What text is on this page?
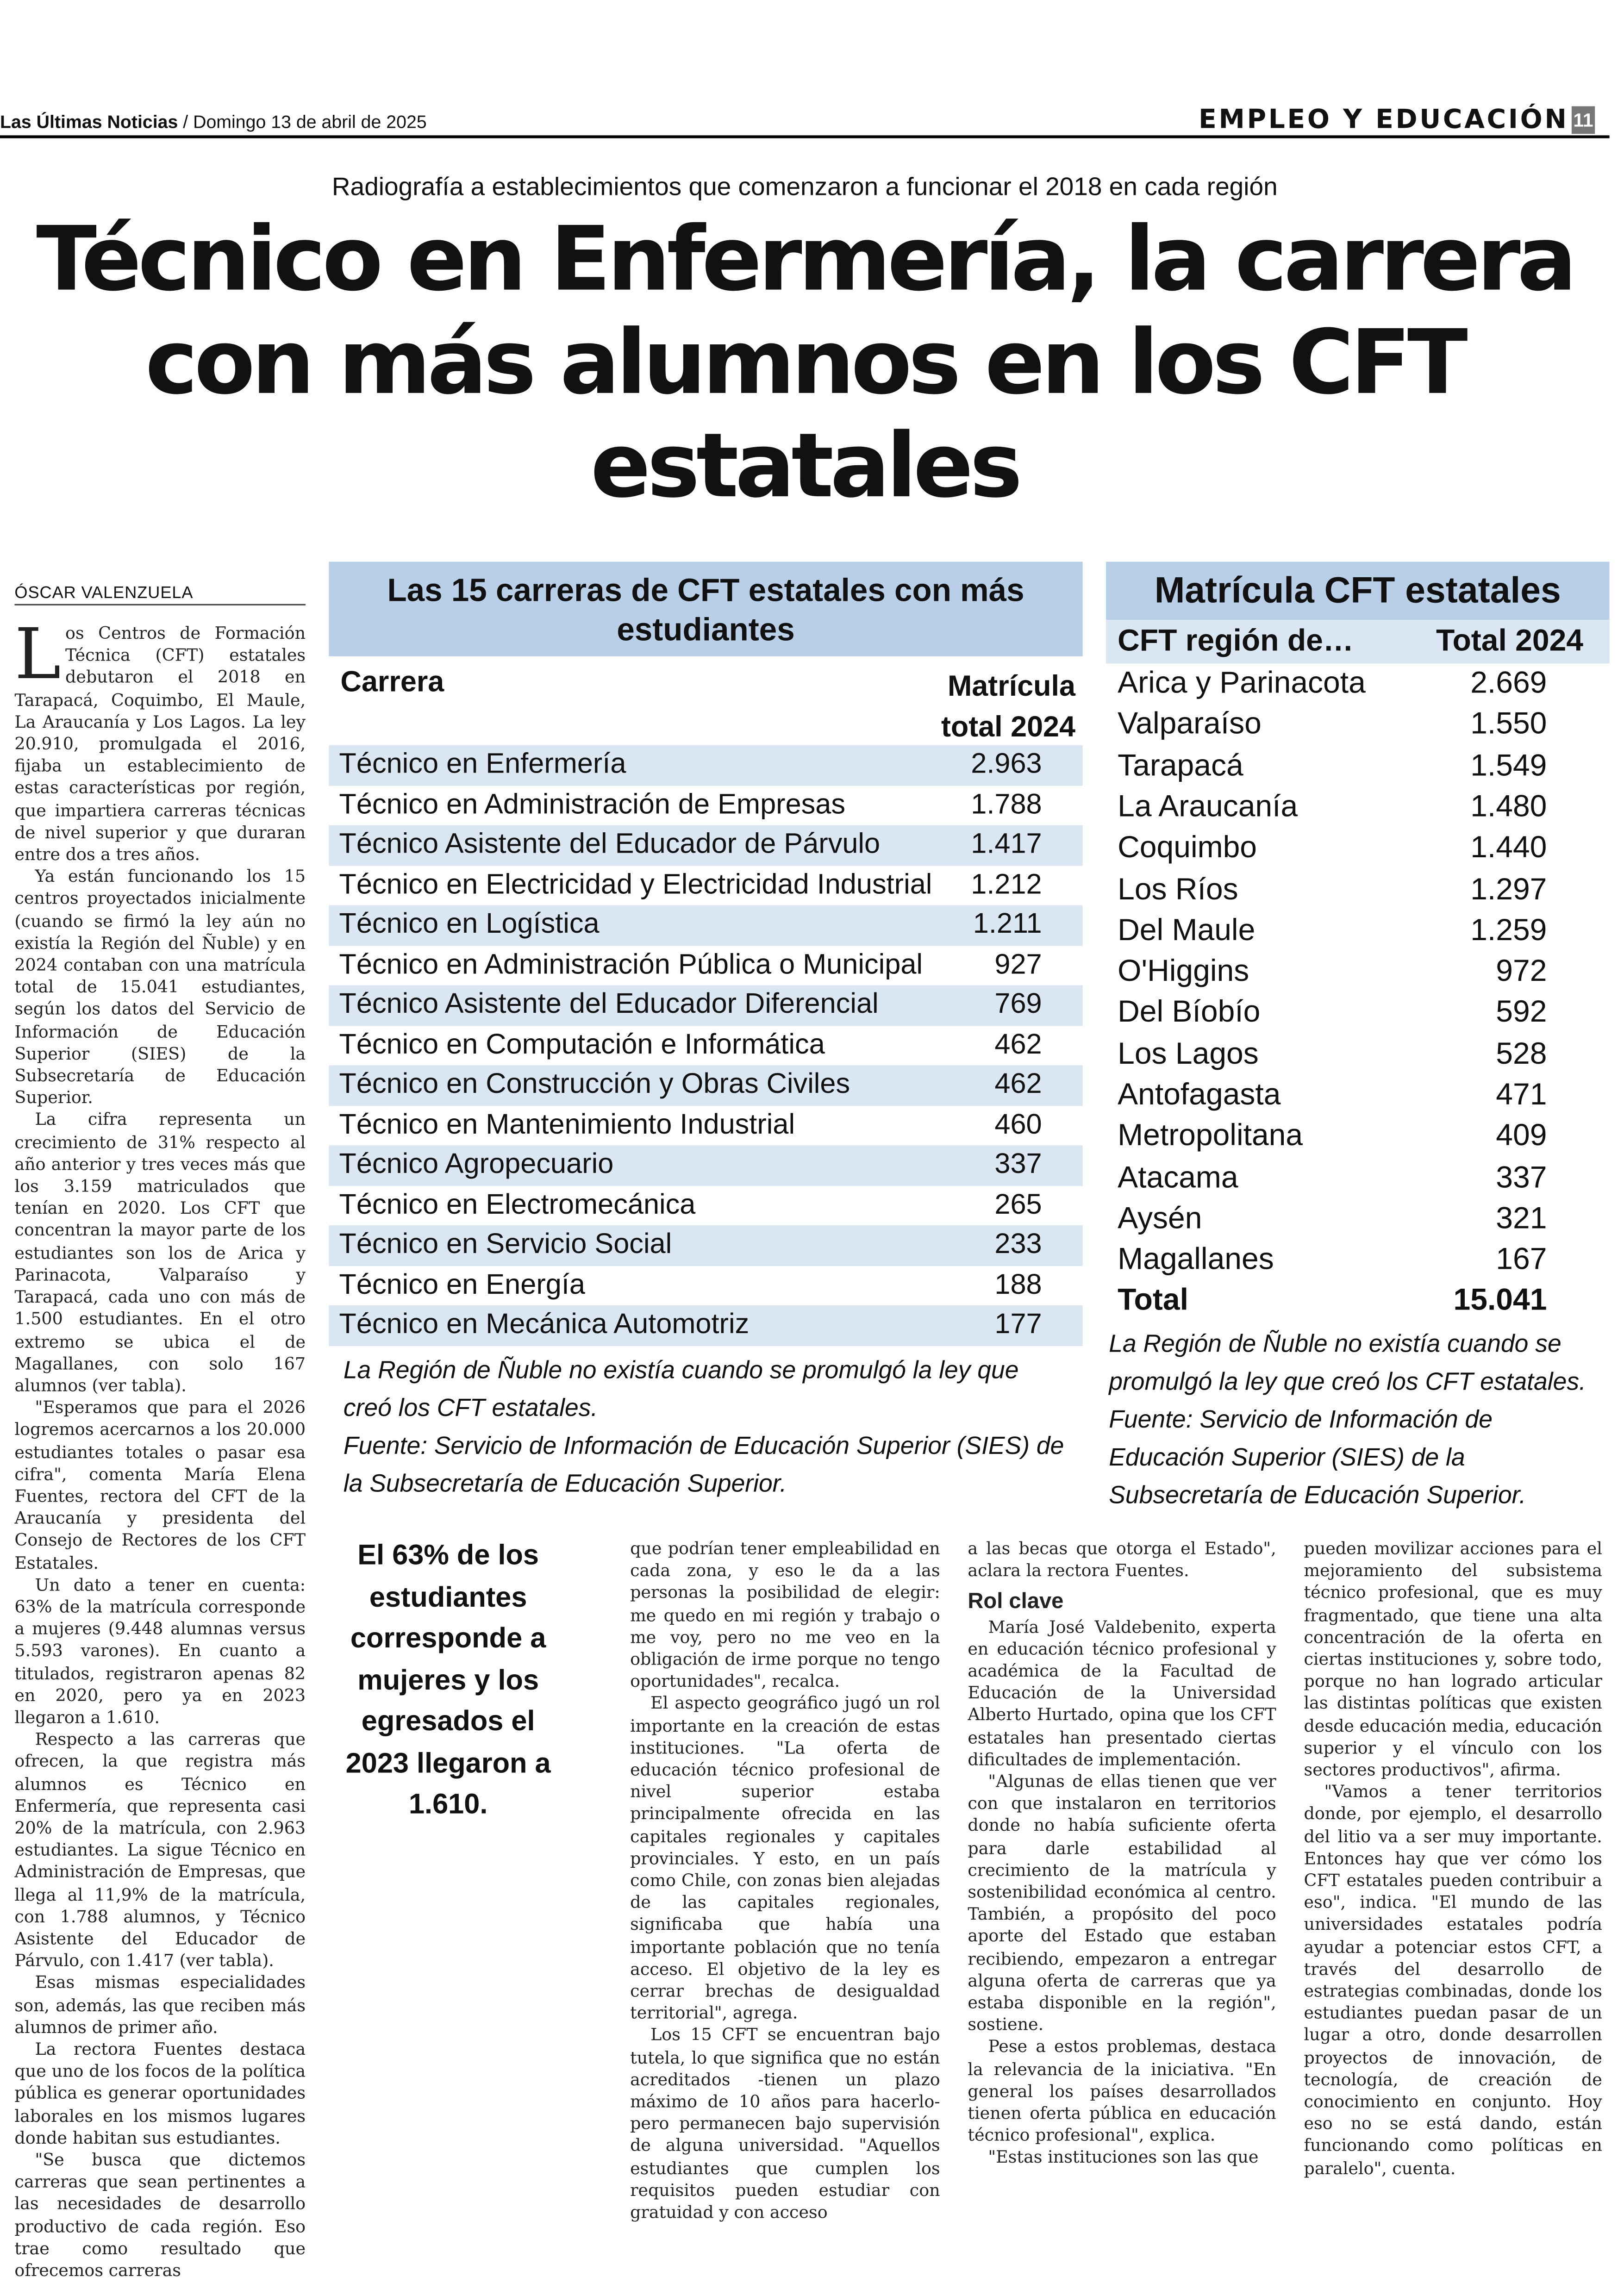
Las Últimas Noticias / Domingo 13 de abril de 2025	EMPLEO Y EDUCACIÓN 11
Radiografía a establecimientos que comenzaron a funcionar el 2018 en cada región
Técnico en Enfermería, la carrera con más alumnos en los CFT estatales
ÓSCAR VALENZUELA

Los Centros de Formación Técnica (CFT) estatales debutaron el 2018 en Tarapacá, Coquimbo, El Maule, La Araucanía y Los Lagos. La ley 20.910, promulgada el 2016, fijaba un establecimiento de estas características por región, que impartiera carreras técnicas de nivel superior y que duraran entre dos a tres años.

Ya están funcionando los 15 centros proyectados inicialmente (cuando se firmó la ley aún no existía la Región del Ñuble) y en 2024 contaban con una matrícula total de 15.041 estudiantes, según los datos del Servicio de Información de Educación Superior (SIES) de la Subsecretaría de Educación Superior.

La cifra representa un crecimiento de 31% respecto al año anterior y tres veces más que los 3.159 matriculados que tenían en 2020. Los CFT que concentran la mayor parte de los estudiantes son los de Arica y Parinacota, Valparaíso y Tarapacá, cada uno con más de 1.500 estudiantes. En el otro extremo se ubica el de Magallanes, con solo 167 alumnos (ver tabla).

"Esperamos que para el 2026 logremos acercarnos a los 20.000 estudiantes totales o pasar esa cifra", comenta María Elena Fuentes, rectora del CFT de la Araucanía y presidenta del Consejo de Rectores de los CFT Estatales.

Un dato a tener en cuenta: 63% de la matrícula corresponde a mujeres (9.448 alumnas versus 5.593 varones). En cuanto a titulados, registraron apenas 82 en 2020, pero ya en 2023 llegaron a 1.610.

Respecto a las carreras que ofrecen, la que registra más alumnos es Técnico en Enfermería, que representa casi 20% de la matrícula, con 2.963 estudiantes. La sigue Técnico en Administración de Empresas, que llega al 11,9% de la matrícula, con 1.788 alumnos, y Técnico Asistente del Educador de Párvulo, con 1.417 (ver tabla).

Esas mismas especialidades son, además, las que reciben más alumnos de primer año.

La rectora Fuentes destaca que uno de los focos de la política pública es generar oportunidades laborales en los mismos lugares donde habitan sus estudiantes.

"Se busca que dictemos carreras que sean pertinentes a las necesidades de desarrollo productivo de cada región. Eso trae como resultado que ofrecemos carreras

Las 15 carreras de CFT estatales con más estudiantes
Carrera	Matrícula total 2024
Técnico en Enfermería	2.963
Técnico en Administración de Empresas	1.788
Técnico Asistente del Educador de Párvulo	1.417
Técnico en Electricidad y Electricidad Industrial	1.212
Técnico en Logística	1.211
Técnico en Administración Pública o Municipal	927
Técnico Asistente del Educador Diferencial	769
Técnico en Computación e Informática	462
Técnico en Construcción y Obras Civiles	462
Técnico en Mantenimiento Industrial	460
Técnico Agropecuario	337
Técnico en Electromecánica	265
Técnico en Servicio Social	233
Técnico en Energía	188
Técnico en Mecánica Automotriz	177
La Región de Ñuble no existía cuando se promulgó la ley que creó los CFT estatales.
Fuente: Servicio de Información de Educación Superior (SIES) de la Subsecretaría de Educación Superior.
Matrícula CFT estatales
CFT región de…	Total 2024
Arica y Parinacota	2.669
Valparaíso	1.550
Tarapacá	1.549
La Araucanía	1.480
Coquimbo	1.440
Los Ríos	1.297
Del Maule	1.259
O'Higgins	972
Del Bíobío	592
Los Lagos	528
Antofagasta	471
Metropolitana	409
Atacama	337
Aysén	321
Magallanes	167
Total	15.041
La Región de Ñuble no existía cuando se promulgó la ley que creó los CFT estatales.
Fuente: Servicio de Información de Educación Superior (SIES) de la Subsecretaría de Educación Superior.
El 63% de los estudiantes corresponde a mujeres y los egresados el 2023 llegaron a 1.610.

que podrían tener empleabilidad en cada zona, y eso le da a las personas la posibilidad de elegir: me quedo en mi región y trabajo o me voy, pero no me veo en la obligación de irme porque no tengo oportunidades", recalca.

El aspecto geográfico jugó un rol importante en la creación de estas instituciones. "La oferta de educación técnico profesional de nivel superior estaba principalmente ofrecida en las capitales regionales y capitales provinciales. Y esto, en un país como Chile, con zonas bien alejadas de las capitales regionales, significaba que había una importante población que no tenía acceso. El objetivo de la ley es cerrar brechas de desigualdad territorial", agrega.

Los 15 CFT se encuentran bajo tutela, lo que significa que no están acreditados -tienen un plazo máximo de 10 años para hacerlo- pero permanecen bajo supervisión de alguna universidad. "Aquellos estudiantes que cumplen los requisitos pueden estudiar con gratuidad y con acceso

a las becas que otorga el Estado", aclara la rectora Fuentes.

Rol clave

María José Valdebenito, experta en educación técnico profesional y académica de la Facultad de Educación de la Universidad Alberto Hurtado, opina que los CFT estatales han presentado ciertas dificultades de implementación.

"Algunas de ellas tienen que ver con que instalaron en territorios donde no había suficiente oferta para darle estabilidad al crecimiento de la matrícula y sostenibilidad económica al centro. También, a propósito del poco aporte del Estado que estaban recibiendo, empezaron a entregar alguna oferta de carreras que ya estaba disponible en la región", sostiene.

Pese a estos problemas, destaca la relevancia de la iniciativa. "En general los países desarrollados tienen oferta pública en educación técnico profesional", explica.

"Estas instituciones son las que

pueden movilizar acciones para el mejoramiento del subsistema técnico profesional, que es muy fragmentado, que tiene una alta concentración de la oferta en ciertas instituciones y, sobre todo, porque no han logrado articular las distintas políticas que existen desde educación media, educación superior y el vínculo con los sectores productivos", afirma.

"Vamos a tener territorios donde, por ejemplo, el desarrollo del litio va a ser muy importante. Entonces hay que ver cómo los CFT estatales pueden contribuir a eso", indica. "El mundo de las universidades estatales podría ayudar a potenciar estos CFT, a través del desarrollo de estrategias combinadas, donde los estudiantes puedan pasar de un lugar a otro, donde desarrollen proyectos de innovación, de tecnología, de creación de conocimiento en conjunto. Hoy eso no se está dando, están funcionando como políticas en paralelo", cuenta.
